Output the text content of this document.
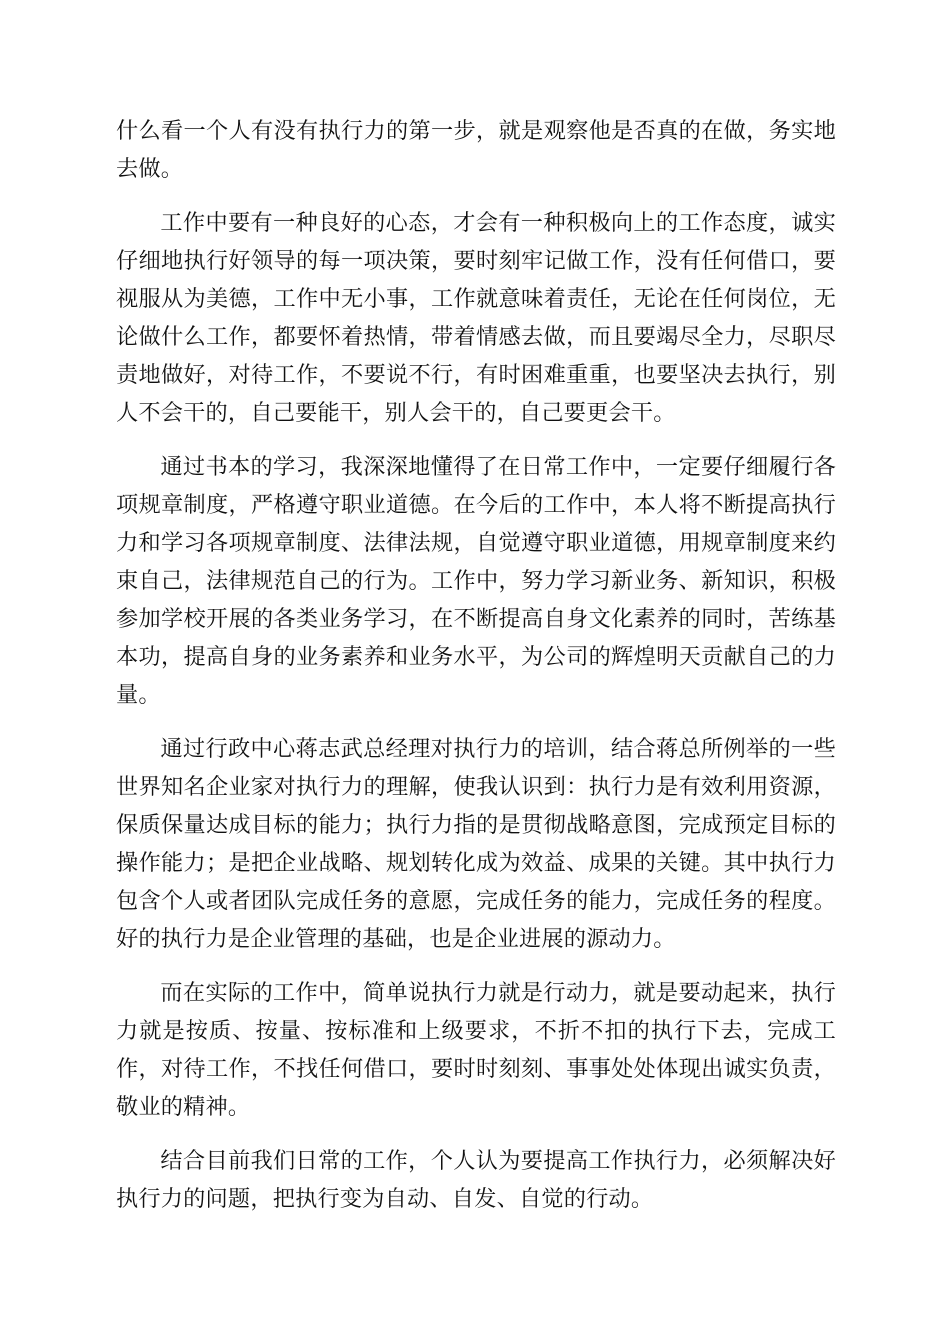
什么看一个人有没有执行力的第一步，就是观察他是否真的在做，务实地去做。

工作中要有一种良好的心态，才会有一种积极向上的工作态度，诚实仔细地执行好领导的每一项决策，要时刻牢记做工作，没有任何借口，要视服从为美德，工作中无小事，工作就意味着责任，无论在任何岗位，无论做什么工作，都要怀着热情，带着情感去做，而且要竭尽全力，尽职尽责地做好，对待工作，不要说不行，有时困难重重，也要坚决去执行，别人不会干的，自己要能干，别人会干的，自己要更会干。

通过书本的学习，我深深地懂得了在日常工作中，一定要仔细履行各项规章制度，严格遵守职业道德。在今后的工作中，本人将不断提高执行力和学习各项规章制度、法律法规，自觉遵守职业道德，用规章制度来约束自己，法律规范自己的行为。工作中，努力学习新业务、新知识，积极参加学校开展的各类业务学习，在不断提高自身文化素养的同时，苦练基本功，提高自身的业务素养和业务水平，为公司的辉煌明天贡献自己的力量。

通过行政中心蒋志武总经理对执行力的培训，结合蒋总所例举的一些世界知名企业家对执行力的理解，使我认识到：执行力是有效利用资源，保质保量达成目标的能力；执行力指的是贯彻战略意图，完成预定目标的操作能力；是把企业战略、规划转化成为效益、成果的关键。其中执行力包含个人或者团队完成任务的意愿，完成任务的能力，完成任务的程度。好的执行力是企业管理的基础，也是企业进展的源动力。

而在实际的工作中，简单说执行力就是行动力，就是要动起来，执行力就是按质、按量、按标准和上级要求，不折不扣的执行下去，完成工作，对待工作，不找任何借口，要时时刻刻、事事处处体现出诚实负责，敬业的精神。

结合目前我们日常的工作，个人认为要提高工作执行力，必须解决好执行力的问题，把执行变为自动、自发、自觉的行动。
